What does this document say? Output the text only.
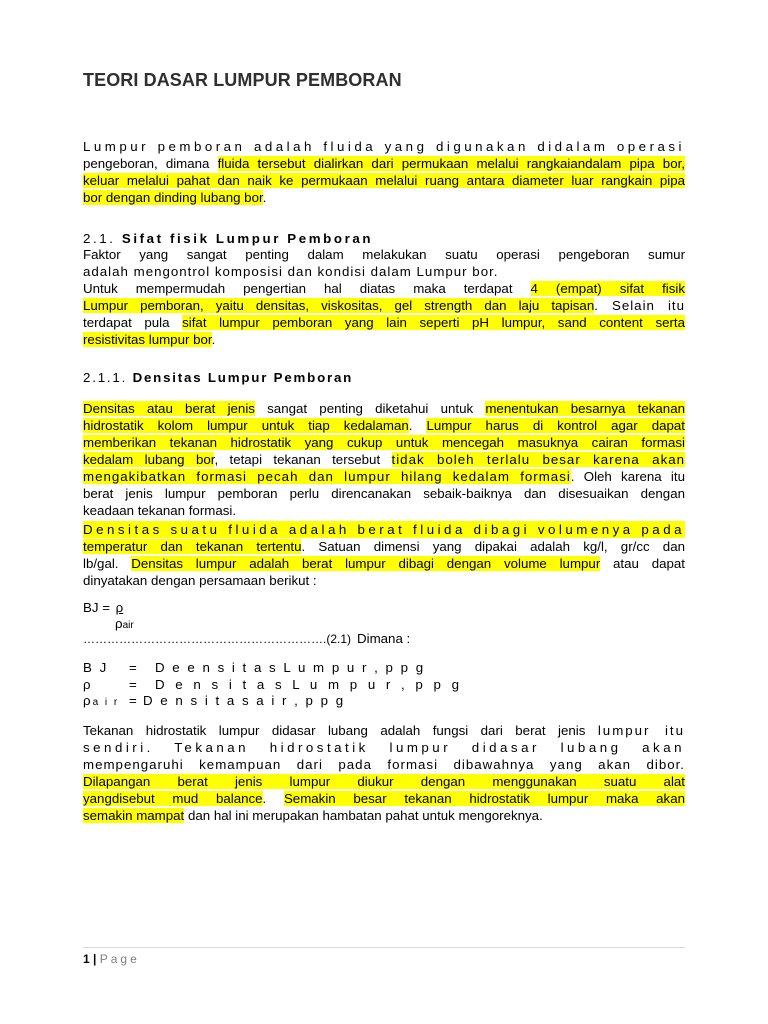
TEORI DASAR LUMPUR PEMBORAN

Lumpur pemboran adalah fluida yang digunakan didalam operasi

pengeboran, dimana fluida tersebut dialirkan dari permukaan melalui rangkaiandalam pipa bor,

keluar melalui pahat dan naik ke permukaan melalui ruang antara diameter luar rangkain pipa

bor dengan dinding lubang bor.

2.1. Sifat fisik Lumpur Pemboran

Faktor yang sangat penting dalam melakukan suatu operasi pengeboran sumur

adalah mengontrol komposisi dan kondisi dalam Lumpur bor.

Untuk mempermudah pengertian hal diatas maka terdapat 4 (empat) sifat fisik

Lumpur pemboran, yaitu densitas, viskositas, gel strength dan laju tapisan. Selain itu

terdapat pula sifat lumpur pemboran yang lain seperti pH lumpur, sand content serta

resistivitas lumpur bor.

2.1.1. Densitas Lumpur Pemboran

Densitas atau berat jenis sangat penting diketahui untuk menentukan besarnya tekanan

hidrostatik kolom lumpur untuk tiap kedalaman. Lumpur harus di kontrol agar dapat

memberikan tekanan hidrostatik yang cukup untuk mencegah masuknya cairan formasi

kedalam lubang bor, tetapi tekanan tersebut tidak boleh terlalu besar karena akan

mengakibatkan formasi pecah dan lumpur hilang kedalam formasi. Oleh karena itu

berat jenis lumpur pemboran perlu direncanakan sebaik-baiknya dan disesuaikan dengan

keadaan tekanan formasi.

Densitas suatu fluida adalah berat fluida dibagi volumenya pada

temperatur dan tekanan tertentu. Satuan dimensi yang dipakai adalah kg/l, gr/cc dan

lb/gal. Densitas lumpur adalah berat lumpur dibagi dengan volume lumpur atau dapat

dinyatakan dengan persamaan berikut :

BJ = ρ
ρair
…………………………………………………….(2.1) Dimana :
B J = D e e n s i t a s L u m p u r , p p g
ρ	= D e n s i t a s L u m p u r , p p g
ρa i r = D e n s i t a s a i r , p p g

Tekanan hidrostatik lumpur didasar lubang adalah fungsi dari berat jenis lumpur itu

sendiri. Tekanan hidrostatik lumpur didasar lubang akan

mempengaruhi kemampuan dari pada formasi dibawahnya yang akan dibor.

Dilapangan berat jenis lumpur diukur dengan menggunakan suatu alat

yangdisebut mud balance. Semakin besar tekanan hidrostatik lumpur maka akan

semakin mampat dan hal ini merupakan hambatan pahat untuk mengoreknya.

1 | Page
